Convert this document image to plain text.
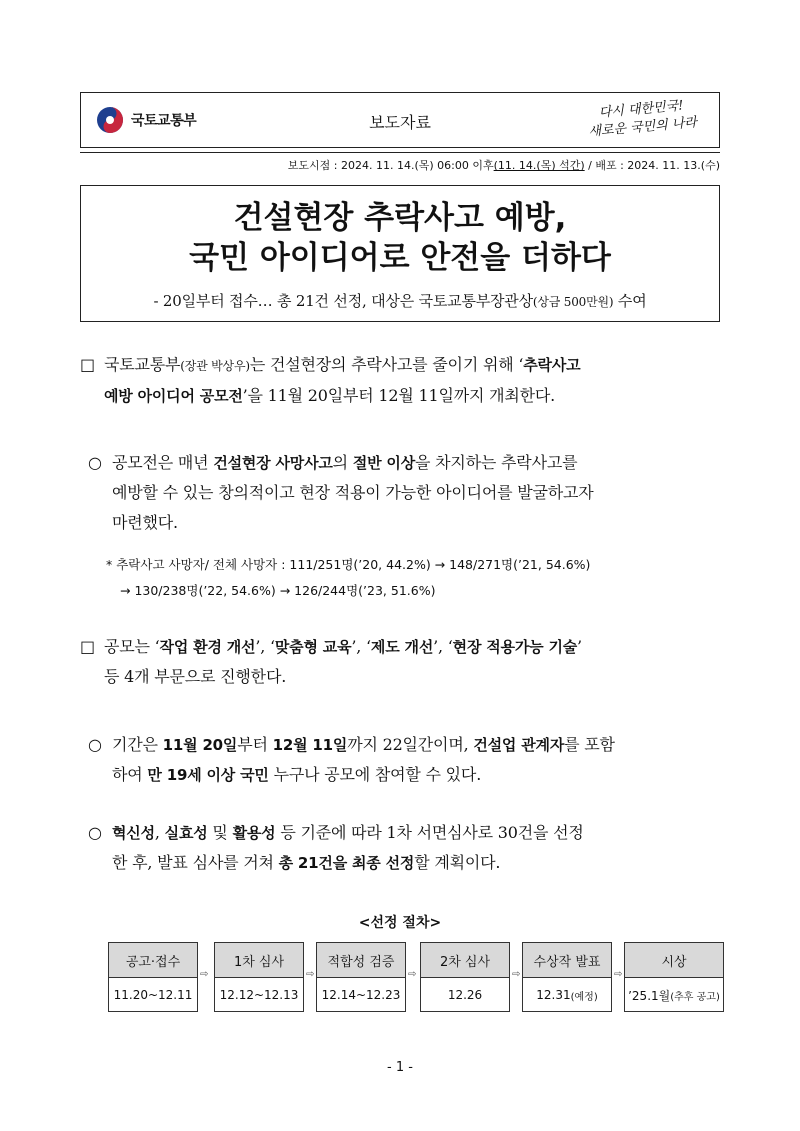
국토교통부	보도자료
다시 대한민국!
새로운 국민의 나라
보도시점 : 2024. 11. 14.(목) 06:00 이후(11. 14.(목) 석간) / 배포 : 2024. 11. 13.(수)
건설현장 추락사고 예방,
국민 아이디어로 안전을 더하다
- 20일부터 접수… 총 21건 선정, 대상은 국토교통부장관상(상금 500만원) 수여
□ 국토교통부(장관 박상우)는 건설현장의 추락사고를 줄이기 위해 ‘추락사고
예방 아이디어 공모전’을 11월 20일부터 12월 11일까지 개최한다.
○ 공모전은 매년 건설현장 사망사고의 절반 이상을 차지하는 추락사고를
예방할 수 있는 창의적이고 현장 적용이 가능한 아이디어를 발굴하고자
마련했다.
* 추락사고 사망자/ 전체 사망자 : 111/251명(’20, 44.2%) → 148/271명(’21, 54.6%)
→ 130/238명(’22, 54.6%) → 126/244명(’23, 51.6%)
□ 공모는 ‘작업 환경 개선’, ‘맞춤형 교육’, ‘제도 개선’, ‘현장 적용가능 기술’
등 4개 부문으로 진행한다.
○ 기간은 11월 20일부터 12월 11일까지 22일간이며, 건설업 관계자를 포함
하여 만 19세 이상 국민 누구나 공모에 참여할 수 있다.
○ 혁신성, 실효성 및 활용성 등 기준에 따라 1차 서면심사로 30건을 선정
한 후, 발표 심사를 거쳐 총 21건을 최종 선정할 계획이다.
<선정 절차>
공고·접수
11.20~12.11
⇨
1차 심사
12.12~12.13
⇨
적합성 검증
12.14~12.23
⇨
2차 심사
12.26
⇨
수상작 발표
12.31 (예정)
⇨
시상
’25.1월 (추후 공고)
- 1 -
